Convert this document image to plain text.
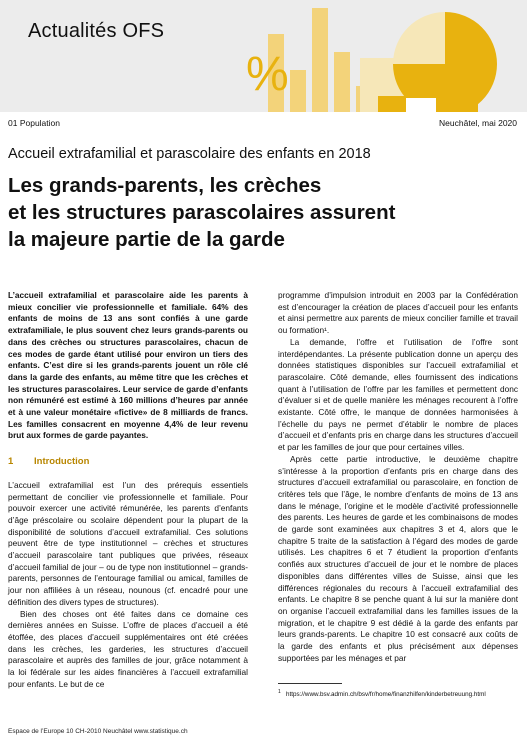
Actualités OFS
%
01 Population	Neuchâtel, mai 2020
Accueil extrafamilial et parascolaire des enfants en 2018
Les grands-parents, les crèches
et les structures parascolaires assurent
la majeure partie de la garde

L’accueil extrafamilial et parascolaire aide les parents à mieux concilier vie professionnelle et familiale. 64% des enfants de moins de 13 ans sont confiés à une garde extrafamiliale, le plus souvent chez leurs grands-parents ou dans des crèches ou structures parascolaires, chacun de ces modes de garde étant utilisé pour environ un tiers des enfants. C’est dire si les grands-parents jouent un rôle clé dans la garde des enfants, au même titre que les crèches et les structures parascolaires. Leur service de garde d’enfants non rémunéré est estimé à 160 millions d’heures par année et à une valeur monétaire «fictive» de 8 milliards de francs. Les familles consacrent en moyenne 4,4% de leur revenu brut aux formes de garde payantes.

1 Introduction

L’accueil extrafamilial est l’un des prérequis essentiels permettant de concilier vie professionnelle et familiale. Pour pouvoir exercer une activité rémunérée, les parents d’enfants d’âge préscolaire ou scolaire dépendent pour la plupart de la disponibilité de solutions d’accueil extrafamilial. Ces solutions peuvent être de type institutionnel – crèches et structures d’accueil parascolaire tant publiques que privées, réseaux d’accueil familial de jour – ou de type non institutionnel – grands-parents, personnes de l’entourage familial ou amical, familles de jour non affiliées à un réseau, nounous (cf. encadré pour une définition des divers types de structures).

Bien des choses ont été faites dans ce domaine ces dernières années en Suisse. L’offre de places d’accueil a été étoffée, des places d’accueil supplémentaires ont été créées dans les crèches, les garderies, les structures d’accueil parascolaire et auprès des familles de jour, grâce notamment à la loi fédérale sur les aides financières à l’accueil extrafamilial pour enfants. Le but de ce

programme d’impulsion introduit en 2003 par la Confédération est d’encourager la création de places d’accueil pour les enfants et ainsi permettre aux parents de mieux concilier famille et travail ou formation¹.

La demande, l’offre et l’utilisation de l’offre sont interdépendantes. La présente publication donne un aperçu des données statistiques disponibles sur l’accueil extrafamilial et parascolaire. Côté demande, elles fournissent des indications quant à l’utilisation de l’offre par les familles et permettent donc d’évaluer si et de quelle manière les ménages recourent à l’offre existante. Côté offre, le manque de données harmonisées à l’échelle du pays ne permet d’établir le nombre de places d’accueil et d’enfants pris en charge dans les structures d’accueil et par les familles de jour que pour certaines villes.

Après cette partie introductive, le deuxième chapitre s’intéresse à la proportion d’enfants pris en charge dans des structures d’accueil extrafamilial ou parascolaire, en fonction de critères tels que l’âge, le nombre d’enfants de moins de 13 ans dans le ménage, l’origine et le modèle d’activité professionnelle des parents. Les heures de garde et les combinaisons de modes de garde sont examinées aux chapitres 3 et 4, alors que le chapitre 5 traite de la satisfaction à l’égard des modes de garde utilisés. Les chapitres 6 et 7 étudient la proportion d’enfants confiés aux structures d’accueil de jour et le nombre de places disponibles dans différentes villes de Suisse, ainsi que les différences régionales du recours à l’accueil extrafamilial des enfants. Le chapitre 8 se penche quant à lui sur la manière dont on organise l’accueil extrafamilial dans les familles issues de la migration, et le chapitre 9 est dédié à la garde des enfants par leurs grands-parents. Le chapitre 10 est consacré aux coûts de la garde des enfants et plus précisément aux dépenses supportées par les ménages et par

$^1$ https://www.bsv.admin.ch/bsv/fr/home/finanzhilfen/kinderbetreuung.html
Espace de l’Europe 10 CH-2010 Neuchâtel www.statistique.ch
